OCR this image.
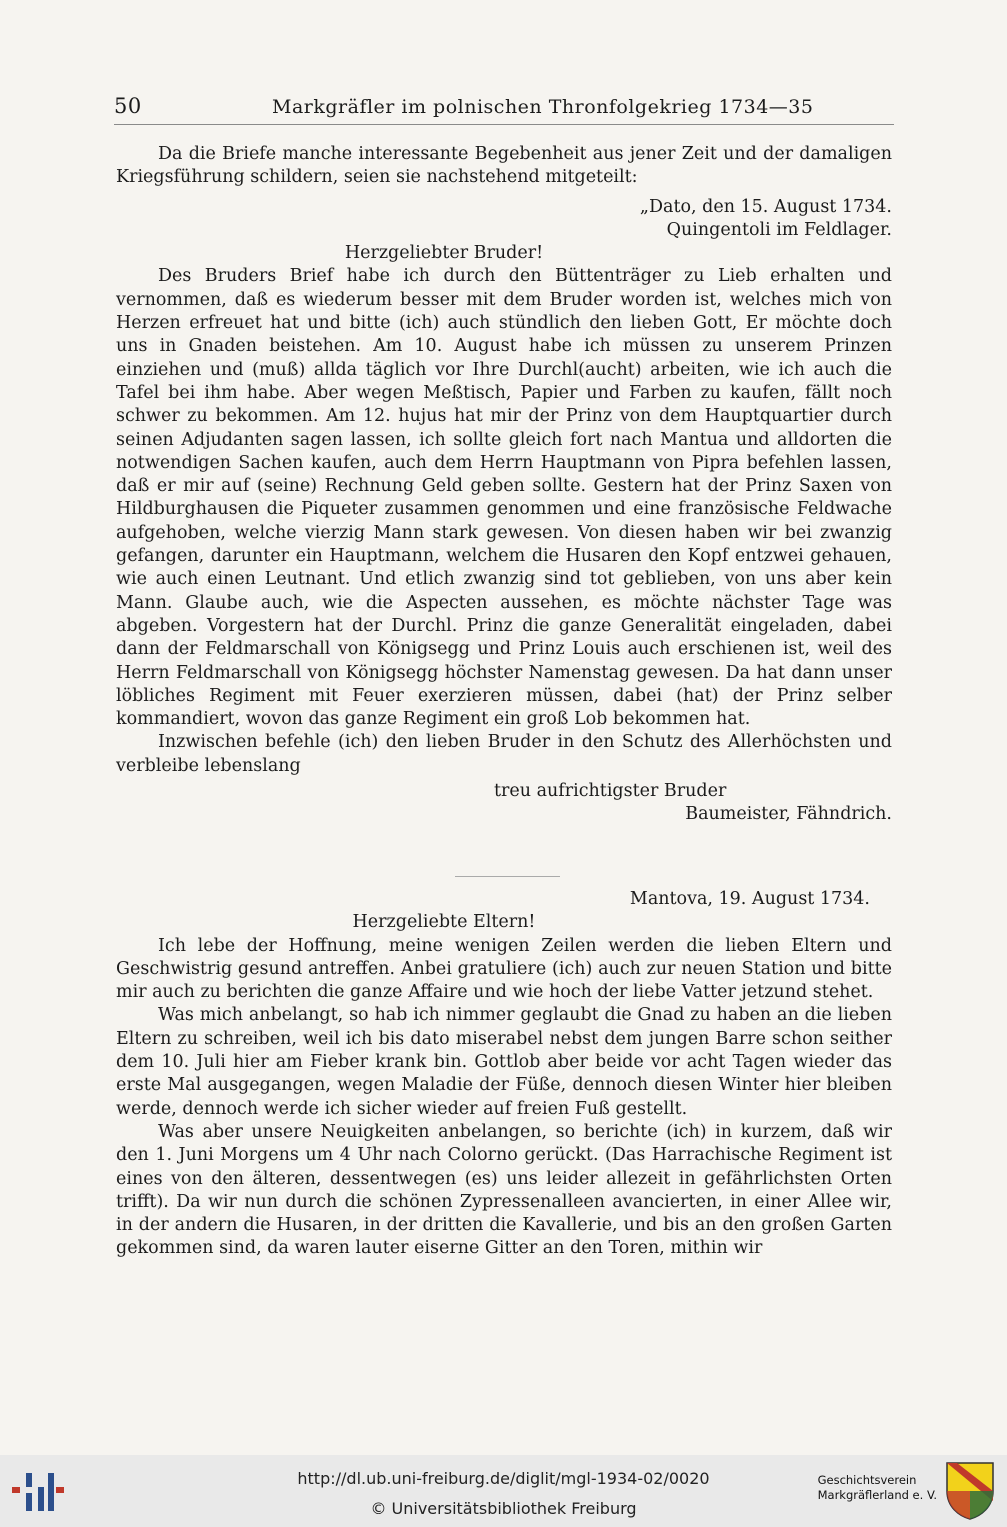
50	Markgräfler im polnischen Thronfolgekrieg 1734—35

Da die Briefe manche interessante Begebenheit aus jener Zeit und der damaligen Kriegsführung schildern, seien sie nachstehend mitgeteilt:

„Dato, den 15. August 1734.

Quingentoli im Feldlager.

Herzgeliebter Bruder!

Des Bruders Brief habe ich durch den Büttenträger zu Lieb erhalten und vernommen, daß es wiederum besser mit dem Bruder worden ist, welches mich von Herzen erfreuet hat und bitte (ich) auch stündlich den lieben Gott, Er möchte doch uns in Gnaden beistehen. Am 10. August habe ich müssen zu unserem Prinzen einziehen und (muß) allda täglich vor Ihre Durchl(aucht) arbeiten, wie ich auch die Tafel bei ihm habe. Aber wegen Meßtisch, Papier und Farben zu kaufen, fällt noch schwer zu bekommen. Am 12. hujus hat mir der Prinz von dem Hauptquartier durch seinen Adjudanten sagen lassen, ich sollte gleich fort nach Mantua und alldorten die notwendigen Sachen kaufen, auch dem Herrn Hauptmann von Pipra befehlen lassen, daß er mir auf (seine) Rechnung Geld geben sollte. Gestern hat der Prinz Saxen von Hildburghausen die Piqueter zusammen genommen und eine französische Feldwache aufgehoben, welche vierzig Mann stark gewesen. Von diesen haben wir bei zwanzig gefangen, darunter ein Hauptmann, welchem die Husaren den Kopf entzwei gehauen, wie auch einen Leutnant. Und etlich zwanzig sind tot geblieben, von uns aber kein Mann. Glaube auch, wie die Aspecten aussehen, es möchte nächster Tage was abgeben. Vorgestern hat der Durchl. Prinz die ganze Generalität eingeladen, dabei dann der Feldmarschall von Königsegg und Prinz Louis auch erschienen ist, weil des Herrn Feldmarschall von Königsegg höchster Namenstag gewesen. Da hat dann unser löbliches Regiment mit Feuer exerzieren müssen, dabei (hat) der Prinz selber kommandiert, wovon das ganze Regiment ein groß Lob bekommen hat.

Inzwischen befehle (ich) den lieben Bruder in den Schutz des Allerhöchsten und verbleibe lebenslang

treu aufrichtigster Bruder

Baumeister, Fähndrich.

Mantova, 19. August 1734.

Herzgeliebte Eltern!

Ich lebe der Hoffnung, meine wenigen Zeilen werden die lieben Eltern und Geschwistrig gesund antreffen. Anbei gratuliere (ich) auch zur neuen Station und bitte mir auch zu berichten die ganze Affaire und wie hoch der liebe Vatter jetzund stehet.

Was mich anbelangt, so hab ich nimmer geglaubt die Gnad zu haben an die lieben Eltern zu schreiben, weil ich bis dato miserabel nebst dem jungen Barre schon seither dem 10. Juli hier am Fieber krank bin. Gottlob aber beide vor acht Tagen wieder das erste Mal ausgegangen, wegen Maladie der Füße, dennoch diesen Winter hier bleiben werde, dennoch werde ich sicher wieder auf freien Fuß gestellt.

Was aber unsere Neuigkeiten anbelangen, so berichte (ich) in kurzem, daß wir den 1. Juni Morgens um 4 Uhr nach Colorno gerückt. (Das Harrachische Regiment ist eines von den älteren, dessentwegen (es) uns leider allezeit in gefährlichsten Orten trifft). Da wir nun durch die schönen Zypressenalleen avancierten, in einer Allee wir, in der andern die Husaren, in der dritten die Kavallerie, und bis an den großen Garten gekommen sind, da waren lauter eiserne Gitter an den Toren, mithin wir

http://dl.ub.uni-freiburg.de/diglit/mgl-1934-02/0020
© Universitätsbibliothek Freiburg
Geschichtsverein
Markgräflerland e. V.
